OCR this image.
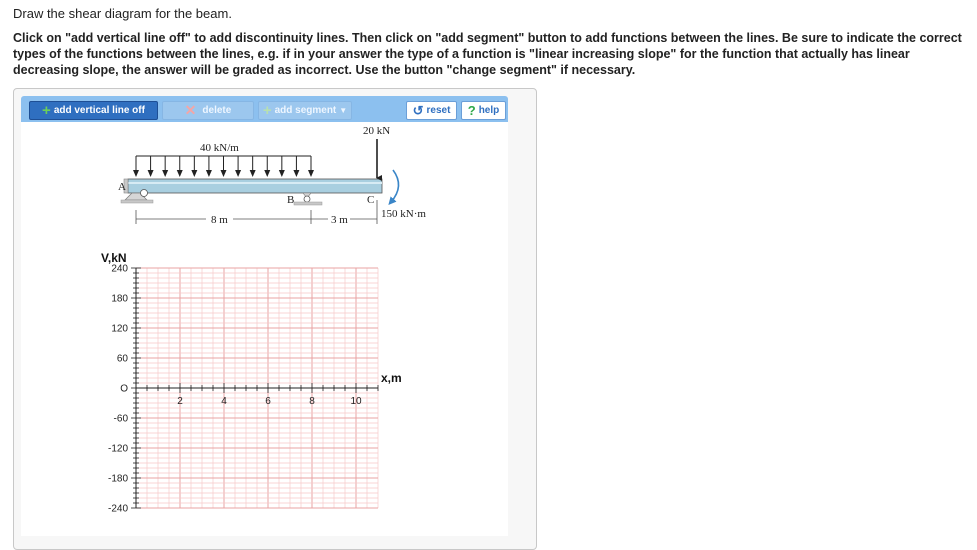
Draw the shear diagram for the beam.
Click on "add vertical line off" to add discontinuity lines. Then click on "add segment" button to add functions between the lines. Be sure to indicate the correct types of the functions between the lines, e.g. if in your answer the type of a function is "linear increasing slope" for the function that actually has linear decreasing slope, the answer will be graded as incorrect. Use the button "change segment" if necessary.
+ add vertical line off	✕ delete + add segment ▼	↺ reset ? help
40 kN/m
A
B	C
20 kN
150 kN·m
8 m	3 m
240
180
120
60
O
-60
-120
-180
-240
2	4	6	8	10
V,kN
x,m
